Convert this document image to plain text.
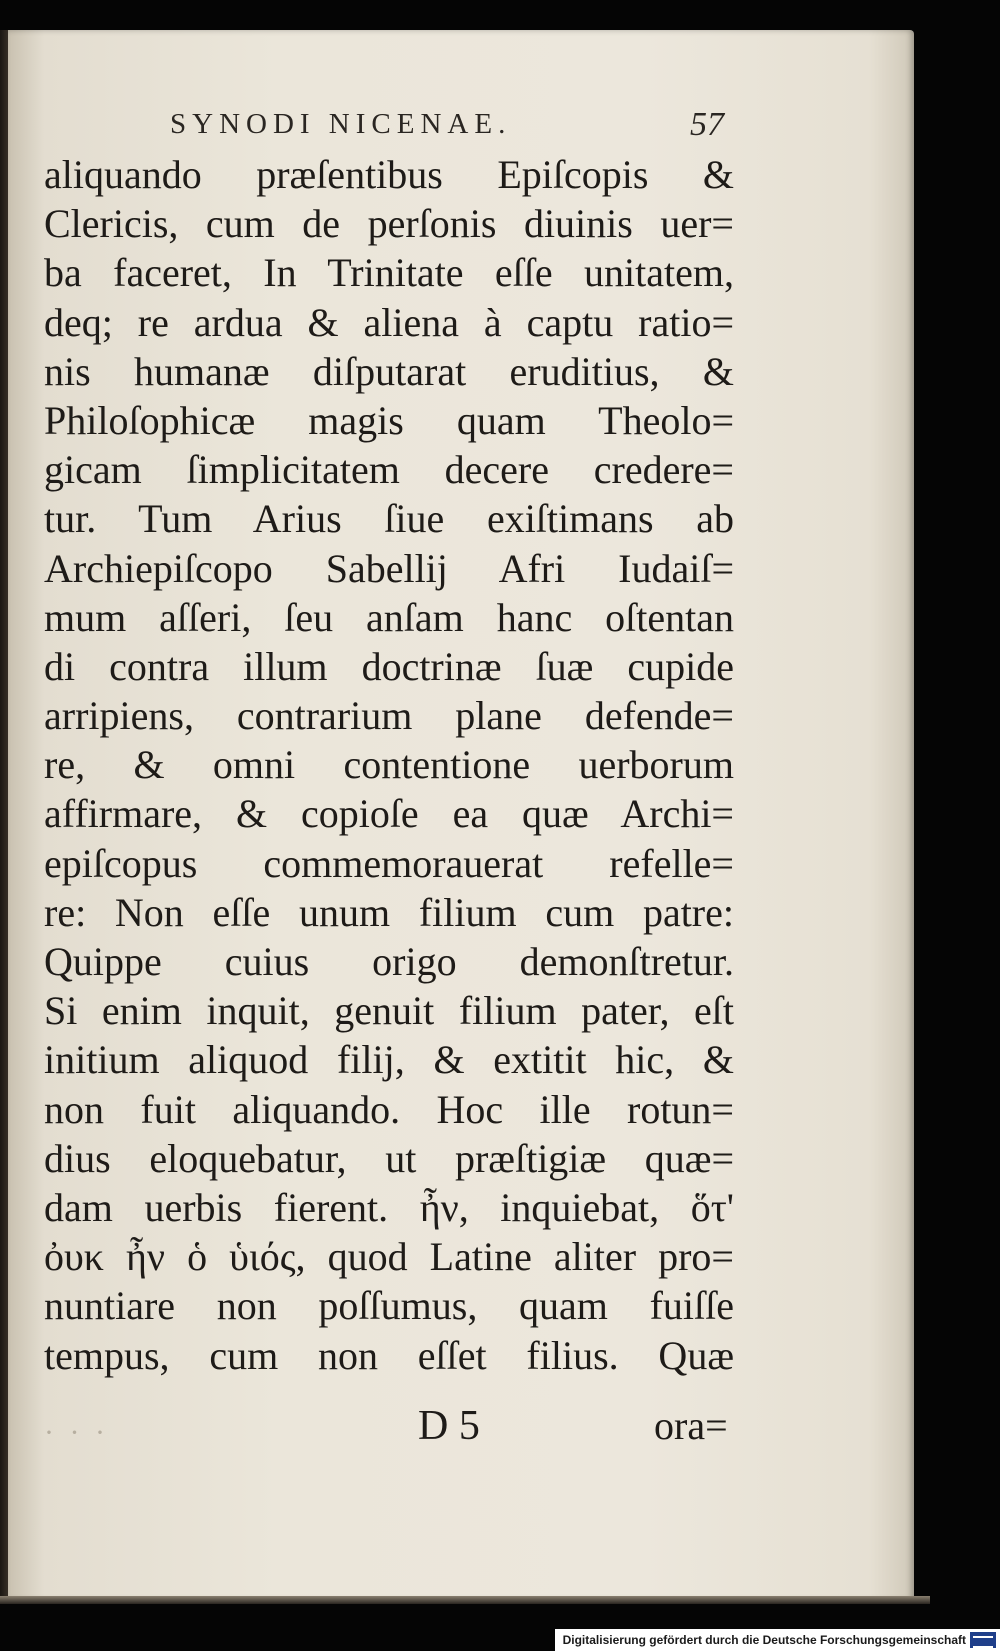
SYNODI NICENAE.	57
aliquando præſentibus Epiſcopis &
Clericis, cum de perſonis diuinis uer=
ba faceret, In Trinitate eſſe unitatem,
deq; re ardua & aliena à captu ratio=
nis humanæ diſputarat eruditius, &
Philoſophicæ magis quam Theolo=
gicam ſimplicitatem decere credere=
tur. Tum Arius ſiue exiſtimans ab
Archiepiſcopo Sabellij Afri Iudaiſ=
mum aſſeri, ſeu anſam hanc oſtentan
di contra illum doctrinæ ſuæ cupide
arripiens, contrarium plane defende=
re, & omni contentione uerborum
affirmare, & copioſe ea quæ Archi=
epiſcopus commemorauerat refelle=
re: Non eſſe unum filium cum patre:
Quippe cuius origo demonſtretur.
Si enim inquit, genuit filium pater, eſt
initium aliquod filij, & extitit hic, &
non fuit aliquando. Hoc ille rotun=
dius eloquebatur, ut præſtigiæ quæ=
dam uerbis fierent. ἦν, inquiebat, ὅτ'
ὀυκ ἦν ὁ ὑιός, quod Latine aliter pro=
nuntiare non poſſumus, quam fuiſſe
tempus, cum non eſſet filius. Quæ
· · ·	D 5	ora=
Digitalisierung gefördert durch die Deutsche Forschungsgemeinschaft
